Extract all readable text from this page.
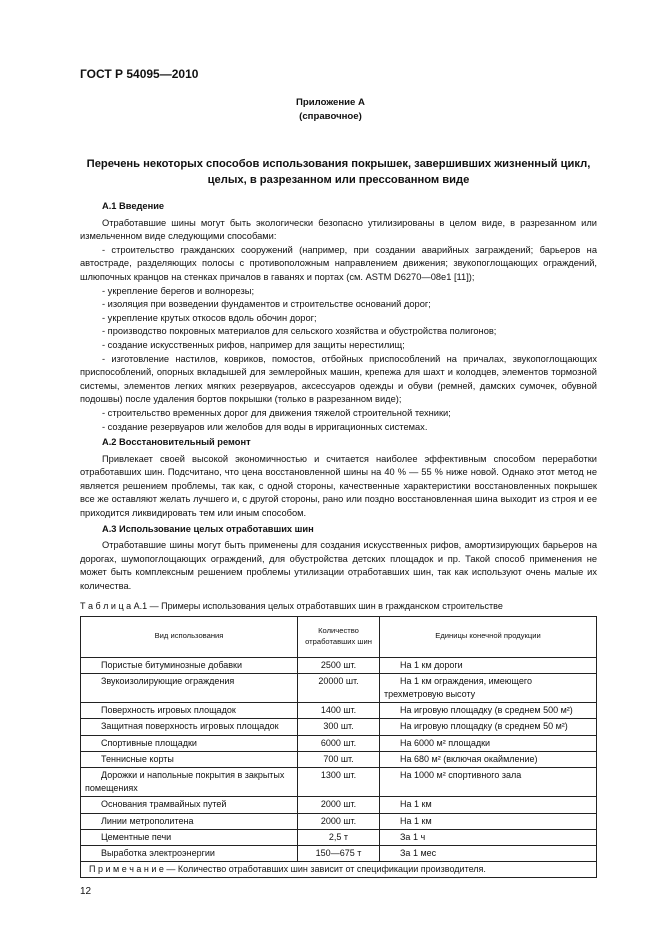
ГОСТ Р 54095—2010
Приложение А
(справочное)
Перечень некоторых способов использования покрышек, завершивших жизненный цикл, целых, в разрезанном или прессованном виде
А.1 Введение

Отработавшие шины могут быть экологически безопасно утилизированы в целом виде, в разрезанном или измельченном виде следующими способами:

- строительство гражданских сооружений (например, при создании аварийных заграждений; барьеров на автостраде, разделяющих полосы с противоположным направлением движения; звукопоглощающих ограждений, шлюпочных кранцов на стенках причалов в гаванях и портах (см. ASTM D6270—08е1 [11]);

- укрепление берегов и волнорезы;

- изоляция при возведении фундаментов и строительстве оснований дорог;

- укрепление крутых откосов вдоль обочин дорог;

- производство покровных материалов для сельского хозяйства и обустройства полигонов;

- создание искусственных рифов, например для защиты нерестилищ;

- изготовление настилов, ковриков, помостов, отбойных приспособлений на причалах, звукопоглощающих приспособлений, опорных вкладышей для землеройных машин, крепежа для шахт и колодцев, элементов тормозной системы, элементов легких мягких резервуаров, аксессуаров одежды и обуви (ремней, дамских сумочек, обувной подошвы) после удаления бортов покрышки (только в разрезанном виде);

- строительство временных дорог для движения тяжелой строительной техники;

- создание резервуаров или желобов для воды в ирригационных системах.

А.2 Восстановительный ремонт

Привлекает своей высокой экономичностью и считается наиболее эффективным способом переработки отработавших шин. Подсчитано, что цена восстановленной шины на 40 % — 55 % ниже новой. Однако этот метод не является решением проблемы, так как, с одной стороны, качественные характеристики восстановленных покрышек все же оставляют желать лучшего и, с другой стороны, рано или поздно восстановленная шина выходит из строя и ее приходится ликвидировать тем или иным способом.

А.3 Использование целых отработавших шин

Отработавшие шины могут быть применены для создания искусственных рифов, амортизирующих барьеров на дорогах, шумопоглощающих ограждений, для обустройства детских площадок и пр. Такой способ применения не может быть комплексным решением проблемы утилизации отработавших шин, так как используют очень малые их количества.

Т а б л и ц а А.1 — Примеры использования целых отработавших шин в гражданском строительстве
Вид использования	Количество отработавших шин	Единицы конечной продукции
Пористые битуминозные добавки	2500 шт.	На 1 км дороги
Звукоизолирующие ограждения	20000 шт.	На 1 км ограждения, имеющего трехметровую высоту
Поверхность игровых площадок	1400 шт.	На игровую площадку (в среднем 500 м²)
Защитная поверхность игровых площадок	300 шт.	На игровую площадку (в среднем 50 м²)
Спортивные площадки	6000 шт.	На 6000 м² площадки
Теннисные корты	700 шт.	На 680 м² (включая окаймление)
Дорожки и напольные покрытия в закрытых помещениях	1300 шт.	На 1000 м² спортивного зала
Основания трамвайных путей	2000 шт.	На 1 км
Линии метрополитена	2000 шт.	На 1 км
Цементные печи	2,5 т	За 1 ч
Выработка электроэнергии	150—675 т	За 1 мес
П р и м е ч а н и е — Количество отработавших шин зависит от спецификации производителя.		
12
